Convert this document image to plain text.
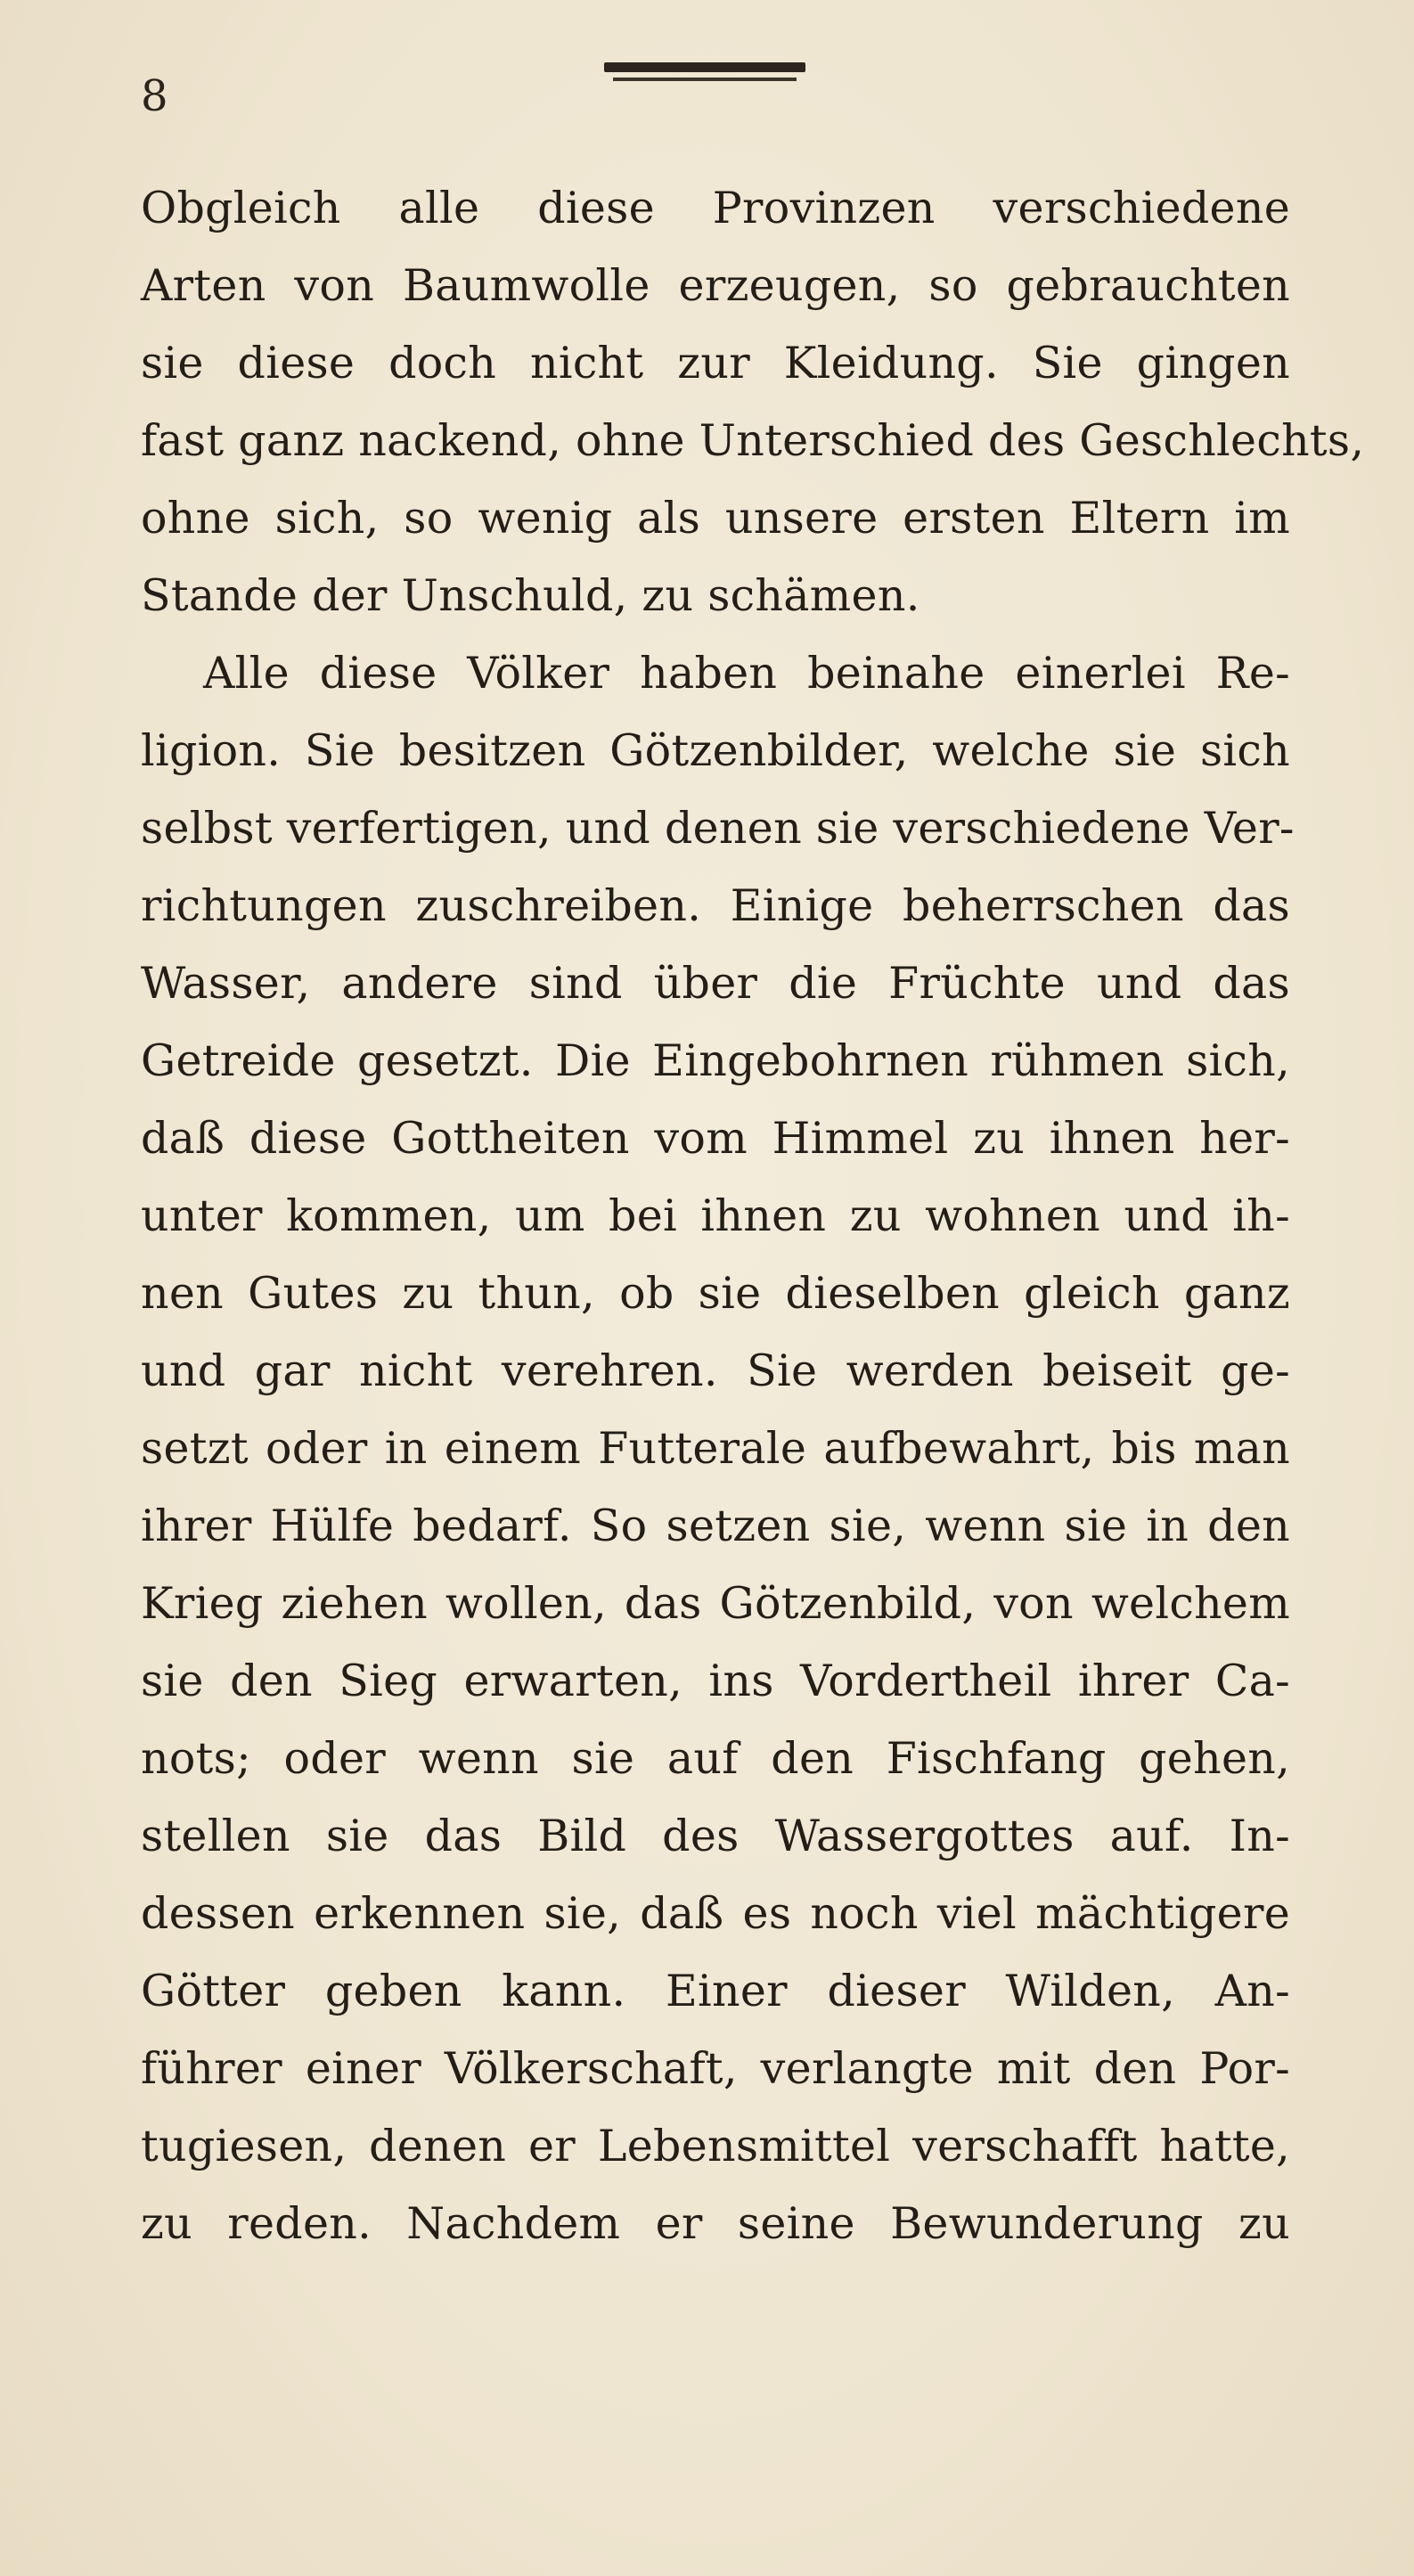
8
Obgleich alle diese Provinzen verschiedene
Arten von Baumwolle erzeugen, so gebrauchten
sie diese doch nicht zur Kleidung. Sie gingen
fast ganz nackend, ohne Unterschied des Geschlechts,
ohne sich, so wenig als unsere ersten Eltern im
Stande der Unschuld, zu schämen.
Alle diese Völker haben beinahe einerlei Re-
ligion. Sie besitzen Götzenbilder, welche sie sich
selbst verfertigen, und denen sie verschiedene Ver-
richtungen zuschreiben. Einige beherrschen das
Wasser, andere sind über die Früchte und das
Getreide gesetzt. Die Eingebohrnen rühmen sich,
daß diese Gottheiten vom Himmel zu ihnen her-
unter kommen, um bei ihnen zu wohnen und ih-
nen Gutes zu thun, ob sie dieselben gleich ganz
und gar nicht verehren. Sie werden beiseit ge-
setzt oder in einem Futterale aufbewahrt, bis man
ihrer Hülfe bedarf. So setzen sie, wenn sie in den
Krieg ziehen wollen, das Götzenbild, von welchem
sie den Sieg erwarten, ins Vordertheil ihrer Ca-
nots; oder wenn sie auf den Fischfang gehen,
stellen sie das Bild des Wassergottes auf. In-
dessen erkennen sie, daß es noch viel mächtigere
Götter geben kann. Einer dieser Wilden, An-
führer einer Völkerschaft, verlangte mit den Por-
tugiesen, denen er Lebensmittel verschafft hatte,
zu reden. Nachdem er seine Bewunderung zu
